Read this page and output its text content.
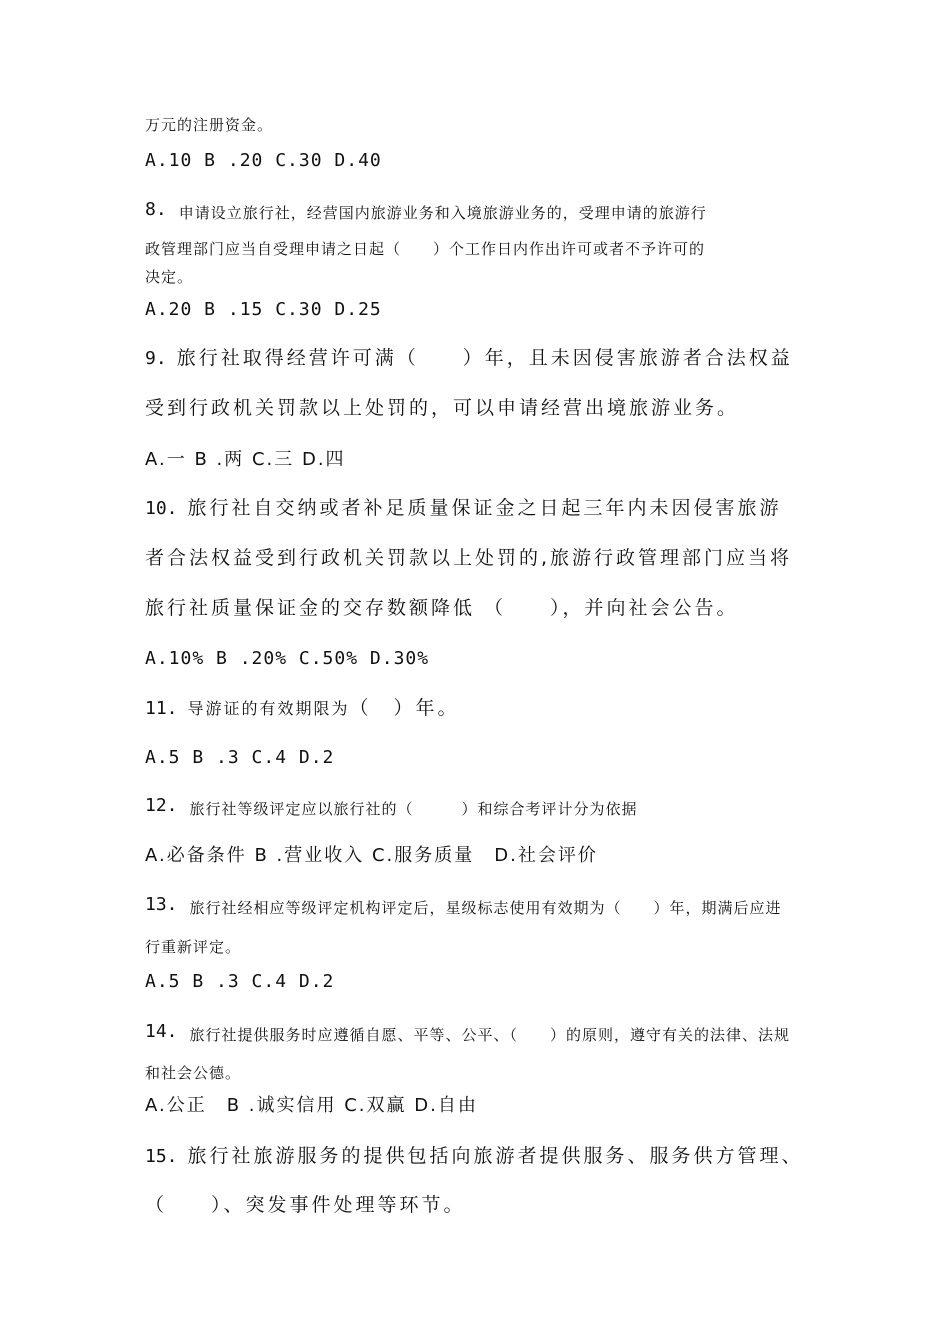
万元的注册资金。
A.10 B .20 C.30 D.40
8. 申请设立旅行社，经营国内旅游业务和入境旅游业务的，受理申请的旅游行
政管理部门应当自受理申请之日起（　　）个工作日内作出许可或者不予许可的
决定。
A.20 B .15 C.30 D.25
9. 旅行社取得经营许可满（　　）年，且未因侵害旅游者合法权益
受到行政机关罚款以上处罚的，可以申请经营出境旅游业务。
A.一 B .两 C.三 D.四
10. 旅行社自交纳或者补足质量保证金之日起三年内未因侵害旅游
者合法权益受到行政机关罚款以上处罚的,旅游行政管理部门应当将
旅行社质量保证金的交存数额降低 （　　），并向社会公告。
A.10% B .20% C.50% D.30%
11. 导游证的有效期限为（　）年。
A.5 B .3 C.4 D.2
12. 旅行社等级评定应以旅行社的（　　　）和综合考评计分为依据
A.必备条件 B .营业收入 C.服务质量　D.社会评价
13. 旅行社经相应等级评定机构评定后，星级标志使用有效期为（　　）年，期满后应进
行重新评定。
A.5 B .3 C.4 D.2
14. 旅行社提供服务时应遵循自愿、平等、公平、（　　）的原则，遵守有关的法律、法规
和社会公德。
A.公正　B .诚实信用 C.双赢 D.自由
15. 旅行社旅游服务的提供包括向旅游者提供服务、服务供方管理、
（　　）、突发事件处理等环节。
